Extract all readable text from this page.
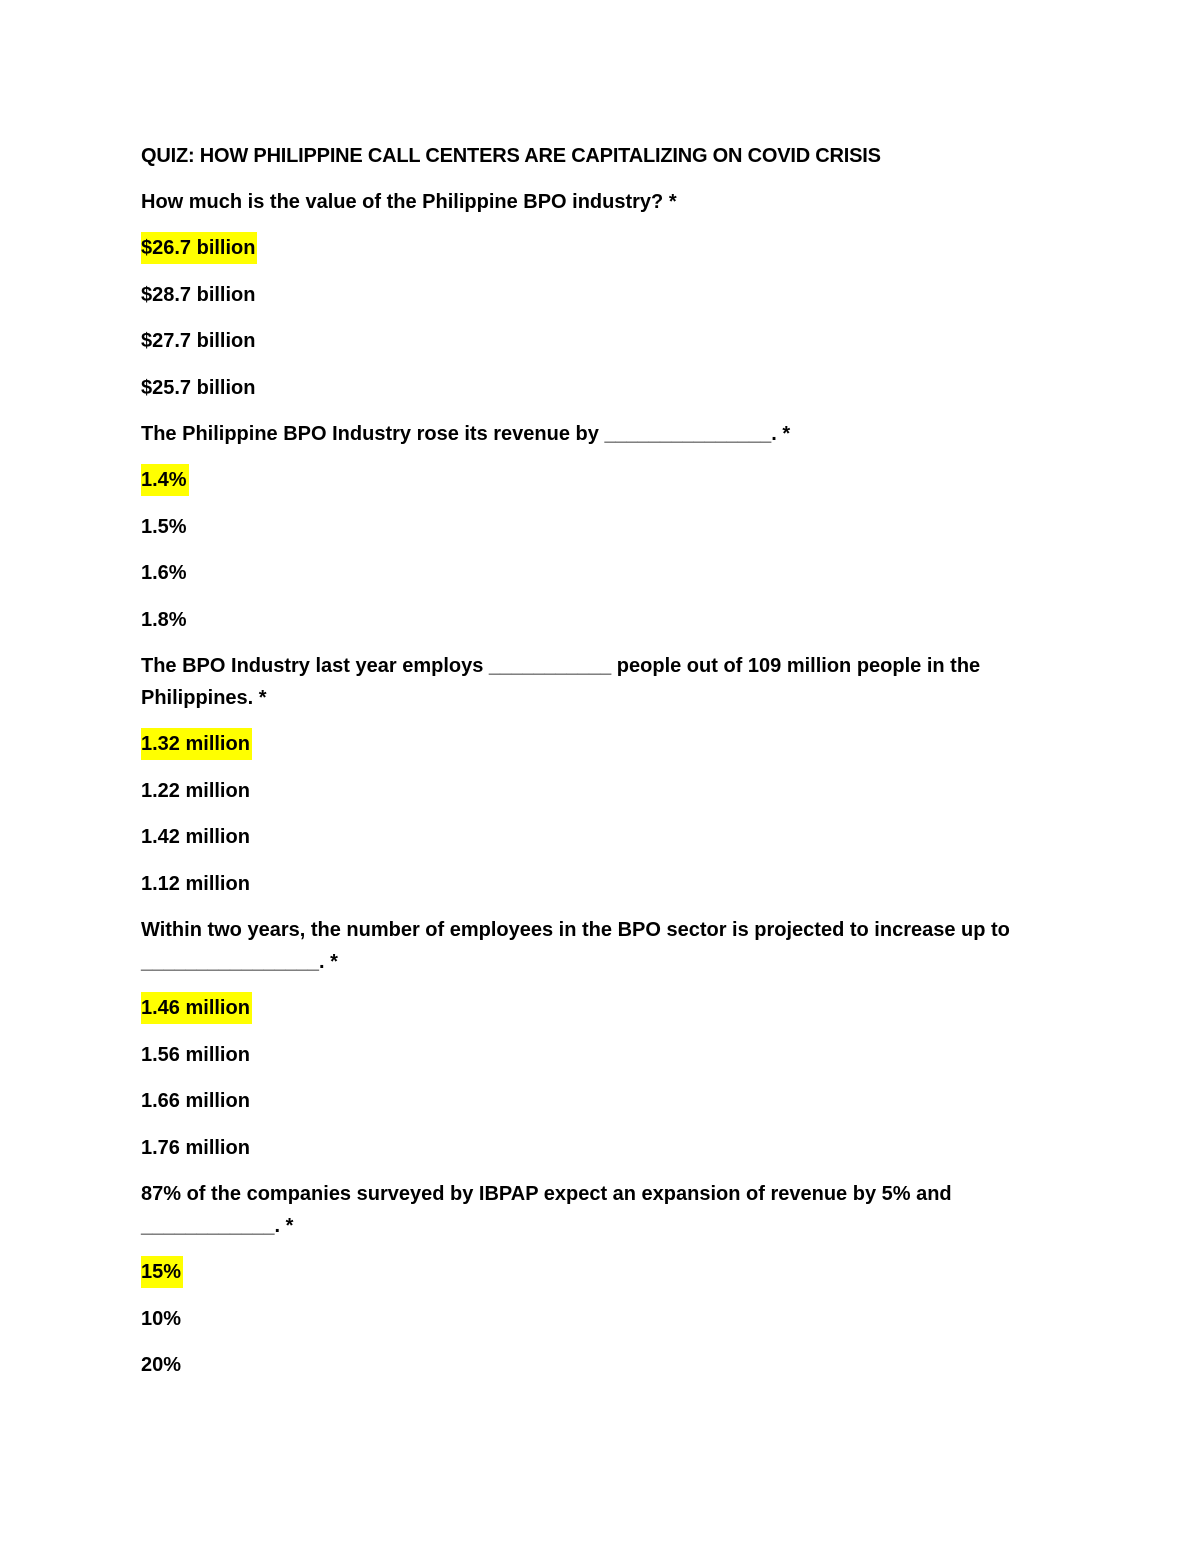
QUIZ: HOW PHILIPPINE CALL CENTERS ARE CAPITALIZING ON COVID CRISIS
How much is the value of the Philippine BPO industry? *
$26.7 billion
$28.7 billion
$27.7 billion
$25.7 billion
The Philippine BPO Industry rose its revenue by _______________. *
1.4%
1.5%
1.6%
1.8%
The BPO Industry last year employs ___________ people out of 109 million people in the Philippines. *
1.32 million
1.22 million
1.42 million
1.12 million
Within two years, the number of employees in the BPO sector is projected to increase up to ________________. *
1.46 million
1.56 million
1.66 million
1.76 million
87% of the companies surveyed by IBPAP expect an expansion of revenue by 5% and ____________. *
15%
10%
20%
